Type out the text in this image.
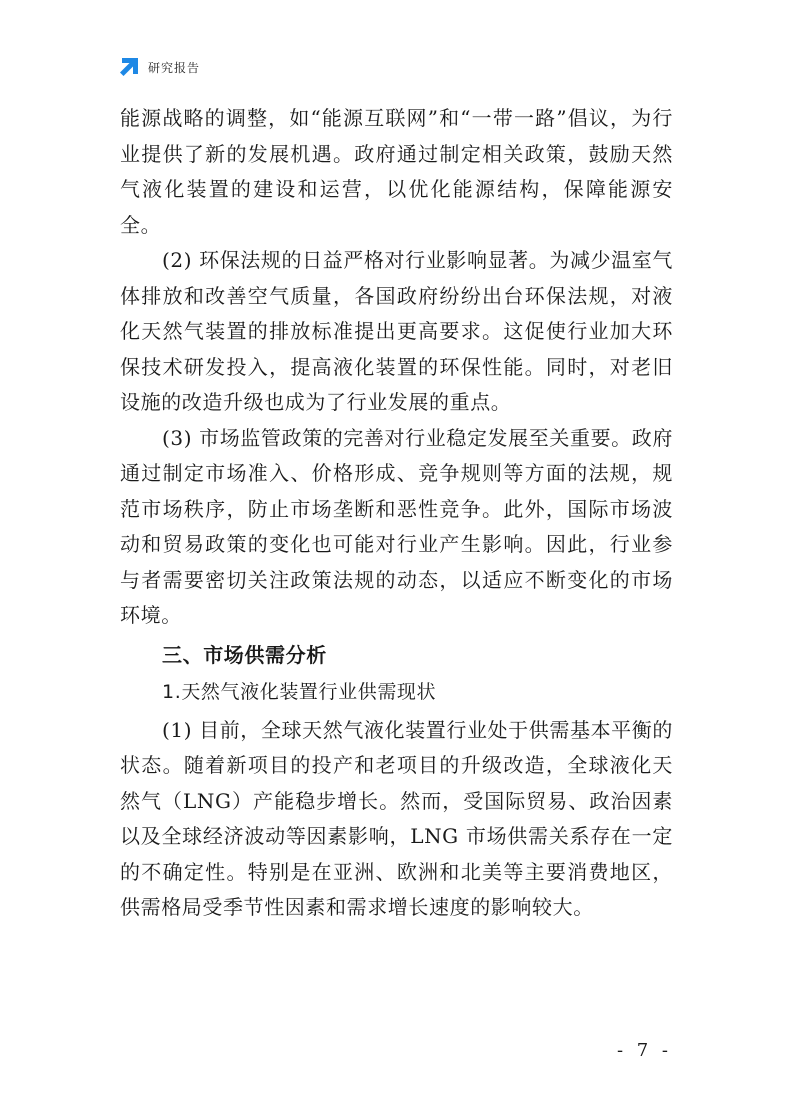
研究报告

能源战略的调整，如“能源互联网”和“一带一路”倡议，为行业提供了新的发展机遇。政府通过制定相关政策，鼓励天然气液化装置的建设和运营，以优化能源结构，保障能源安全。

(2) 环保法规的日益严格对行业影响显著。为减少温室气体排放和改善空气质量，各国政府纷纷出台环保法规，对液化天然气装置的排放标准提出更高要求。这促使行业加大环保技术研发投入，提高液化装置的环保性能。同时，对老旧设施的改造升级也成为了行业发展的重点。

(3) 市场监管政策的完善对行业稳定发展至关重要。政府通过制定市场准入、价格形成、竞争规则等方面的法规，规范市场秩序，防止市场垄断和恶性竞争。此外，国际市场波动和贸易政策的变化也可能对行业产生影响。因此，行业参与者需要密切关注政策法规的动态，以适应不断变化的市场环境。

三、市场供需分析
1.天然气液化装置行业供需现状

(1) 目前，全球天然气液化装置行业处于供需基本平衡的状态。随着新项目的投产和老项目的升级改造，全球液化天然气（LNG）产能稳步增长。然而，受国际贸易、政治因素以及全球经济波动等因素影响，LNG 市场供需关系存在一定的不确定性。特别是在亚洲、欧洲和北美等主要消费地区，供需格局受季节性因素和需求增长速度的影响较大。

- 7 -
